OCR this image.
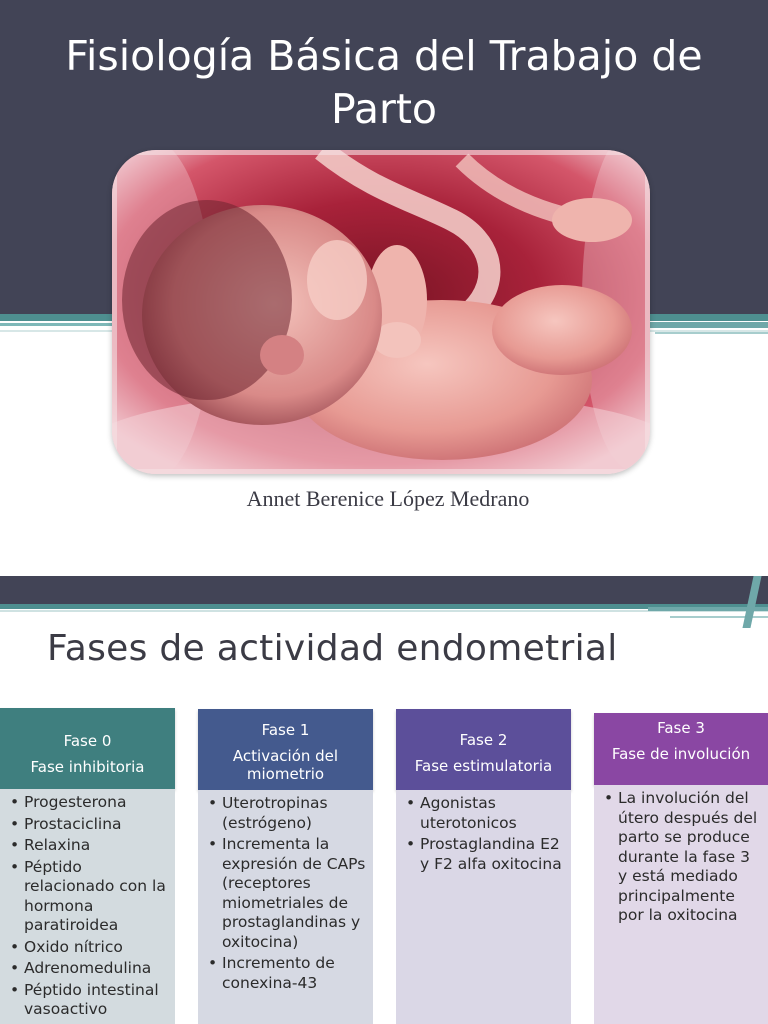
Fisiología Básica del Trabajo de Parto
Annet Berenice López Medrano
Fases de actividad endometrial
Fase 0
Fase inhibitoria
• Progesterona
• Prostaciclina
• Relaxina
• Péptido relacionado con la hormona paratiroidea
• Oxido nítrico
• Adrenomedulina
• Péptido intestinal vasoactivo
Fase 1
Activación del miometrio
• Uterotropinas (estrógeno)
• Incrementa la expresión de CAPs (receptores miometriales de prostaglandinas y oxitocina)
• Incremento de conexina-43
Fase 2
Fase estimulatoria
• Agonistas uterotonicos
• Prostaglandina E2 y F2 alfa oxitocina
Fase 3
Fase de involución
• La involución del útero después del parto se produce durante la fase 3 y está mediado principalmente por la oxitocina
